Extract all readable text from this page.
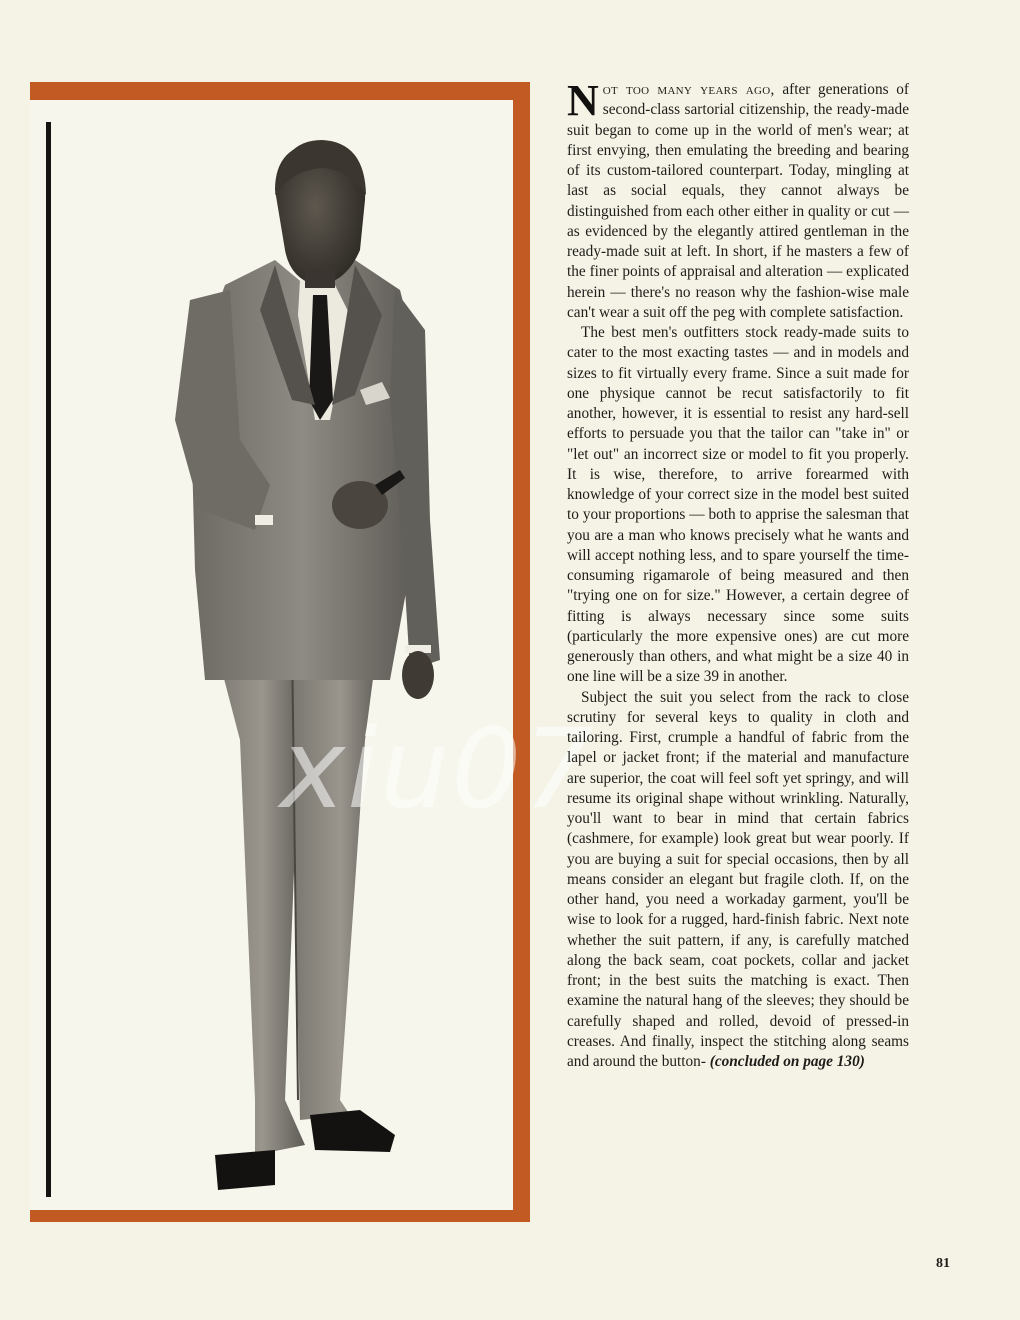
xiu07

Not too many years ago, after generations of second-class sartorial citizenship, the ready-made suit began to come up in the world of men's wear; at first envying, then emulating the breeding and bearing of its custom-tailored counterpart. Today, mingling at last as social equals, they cannot always be distinguished from each other either in quality or cut — as evidenced by the elegantly attired gentleman in the ready-made suit at left. In short, if he masters a few of the finer points of appraisal and alteration — explicated herein — there's no reason why the fashion-wise male can't wear a suit off the peg with complete satisfaction.

The best men's outfitters stock ready-made suits to cater to the most exacting tastes — and in models and sizes to fit virtually every frame. Since a suit made for one physique cannot be recut satisfactorily to fit another, however, it is essential to resist any hard-sell efforts to persuade you that the tailor can "take in" or "let out" an incorrect size or model to fit you properly. It is wise, therefore, to arrive forearmed with knowledge of your correct size in the model best suited to your proportions — both to apprise the salesman that you are a man who knows precisely what he wants and will accept nothing less, and to spare yourself the time-consuming rigamarole of being measured and then "trying one on for size." However, a certain degree of fitting is always necessary since some suits (particularly the more expensive ones) are cut more generously than others, and what might be a size 40 in one line will be a size 39 in another.

Subject the suit you select from the rack to close scrutiny for several keys to quality in cloth and tailoring. First, crumple a handful of fabric from the lapel or jacket front; if the material and manufacture are superior, the coat will feel soft yet springy, and will resume its original shape without wrinkling. Naturally, you'll want to bear in mind that certain fabrics (cashmere, for example) look great but wear poorly. If you are buying a suit for special occasions, then by all means consider an elegant but fragile cloth. If, on the other hand, you need a workaday garment, you'll be wise to look for a rugged, hard-finish fabric. Next note whether the suit pattern, if any, is carefully matched along the back seam, coat pockets, collar and jacket front; in the best suits the matching is exact. Then examine the natural hang of the sleeves; they should be carefully shaped and rolled, devoid of pressed-in creases. And finally, inspect the stitching along seams and around the button- (concluded on page 130)

81
